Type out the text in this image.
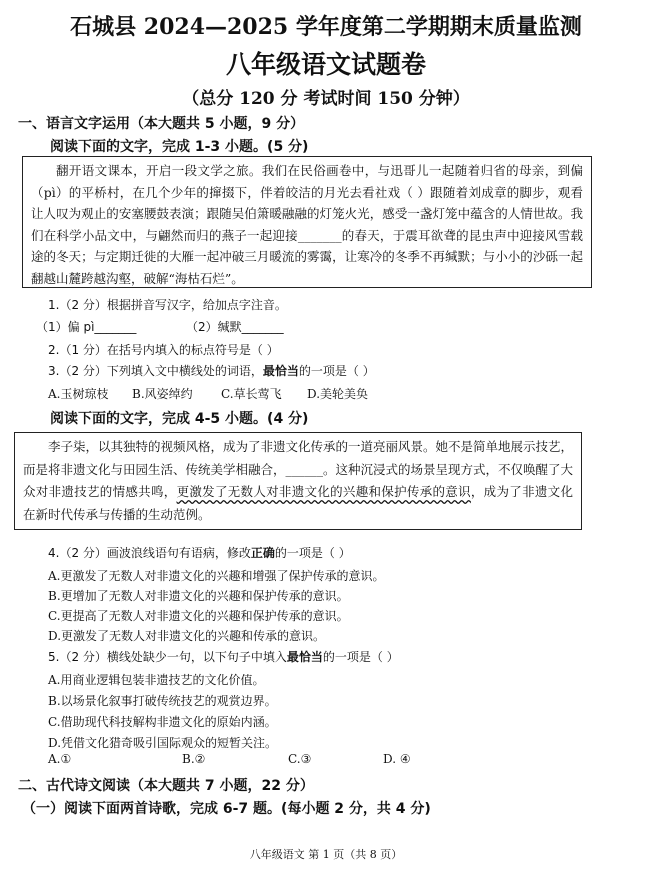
石城县 2024—2025 学年度第二学期期末质量监测
八年级语文试题卷
（总分 120 分 考试时间 150 分钟）
一、语言文字运用（本大题共 5 小题，9 分）
阅读下面的文字，完成 1-3 小题。(5 分)

翻开语文课本，开启一段文学之旅。我们在民俗画卷中，与迅哥儿一起随着归省的母亲，到偏（pì）的平桥村，在几个少年的撺掇下，伴着皎洁的月光去看社戏（ ）跟随着刘成章的脚步，观看让人叹为观止的安塞腰鼓表演；跟随吴伯箫暖融融的灯笼火光，感受一盏灯笼中蕴含的人情世故。我们在科学小品文中，与翩然而归的燕子一起迎接_______的春天，于震耳欲聋的昆虫声中迎接风雪载途的冬天；与定期迁徙的大雁一起冲破三月暖流的雾霭，让寒冷的冬季不再缄默；与小小的沙砾一起翻越山麓跨越沟壑，破解“海枯石烂”。

1.（2 分）根据拼音写汉字，给加点字注音。
（1）偏 pì_______	（2）缄默_______
2.（1 分）在括号内填入的标点符号是（ ）
3.（2 分）下列填入文中横线处的词语，最恰当的一项是（ ）
A.玉树琼枝 B.风姿绰约 C.草长莺飞 D.美轮美奂
阅读下面的文字，完成 4-5 小题。(4 分)

李子柒，以其独特的视频风格，成为了非遗文化传承的一道亮丽风景。她不是简单地展示技艺，而是将非遗文化与田园生活、传统美学相融合，______。这种沉浸式的场景呈现方式，不仅唤醒了大众对非遗技艺的情感共鸣，更激发了无数人对非遗文化的兴趣和保护传承的意识，成为了非遗文化在新时代传承与传播的生动范例。

4.（2 分）画波浪线语句有语病，修改正确的一项是（ ）
A.更激发了无数人对非遗文化的兴趣和增强了保护传承的意识。
B.更增加了无数人对非遗文化的兴趣和保护传承的意识。
C.更提高了无数人对非遗文化的兴趣和保护传承的意识。
D.更激发了无数人对非遗文化的兴趣和传承的意识。
5.（2 分）横线处缺少一句，以下句子中填入最恰当的一项是（ ）
A.用商业逻辑包装非遗技艺的文化价值。
B.以场景化叙事打破传统技艺的观赏边界。
C.借助现代科技解构非遗文化的原始内涵。
D.凭借文化猎奇吸引国际观众的短暂关注。
A.①	B.②	C.③	D. ④
二、古代诗文阅读（本大题共 7 小题，22 分）
（一）阅读下面两首诗歌，完成 6-7 题。(每小题 2 分，共 4 分)
八年级语文 第 1 页（共 8 页）
